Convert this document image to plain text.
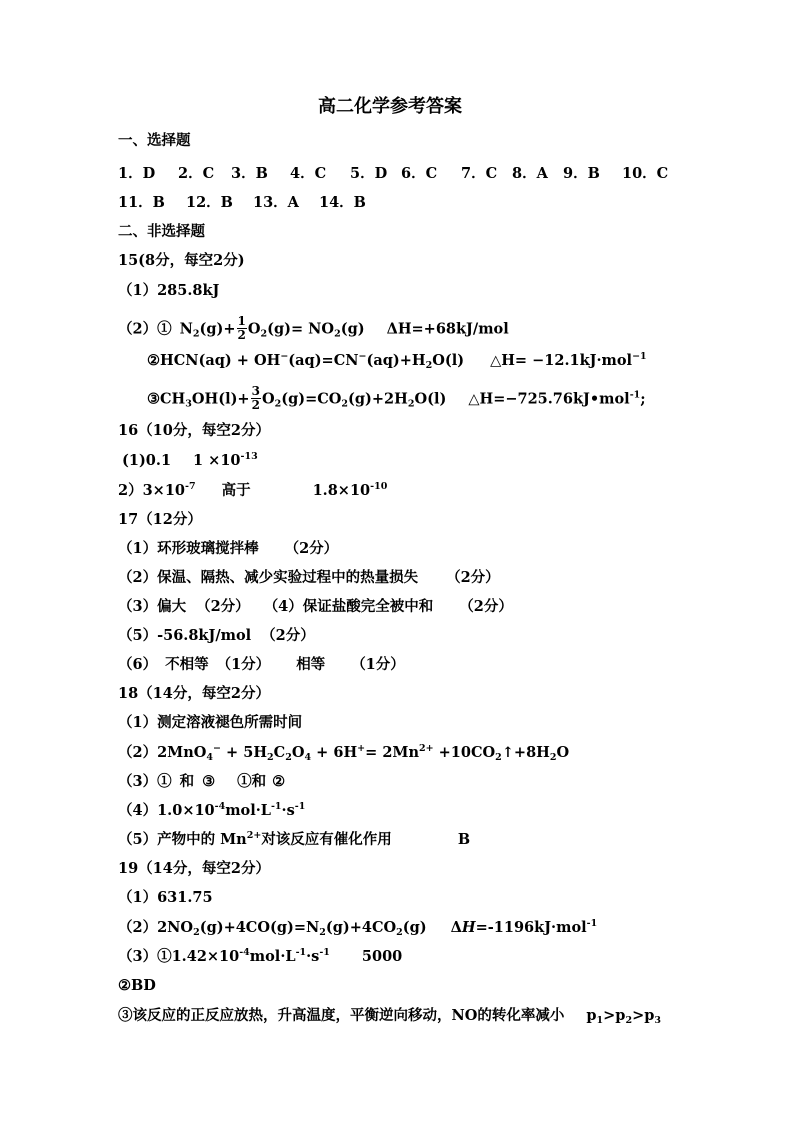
高二化学参考答案
一、选择题
1．D 2．C 3．B 4．C 5．D 6．C 7．C 8．A 9．B 10．C
11．B 12．B 13．A 14．B
二、非选择题
15(8分，每空2分)
（1）285.8kJ
（2）① $N_2(g)+ \frac{1}{2} O_2(g)= NO_2(g)$ ΔH=+68kJ/mol
②HCN(aq) + $OH^-(aq)=CN^-(aq)+H_2O(l)$ △H= −12.1kJ·mol$^{-1}$
$③CH_3OH(l)+ \frac{3}{2} O_2(g)=CO_2(g)+2H_2O(l)$ △H=−725.76kJ•mol$^{-1}$;
16（10分，每空2分）
(1)0.1 $1 \times 10^{-13}$
$2)3\times 10^{-7}$ 高于	$1.8\times 10^{-10}$
17（12分）
（1）环形玻璃搅拌棒 （2分）
（2）保温、隔热、减少实验过程中的热量损失 （2分）
（3）偏大 （2分） （4）保证盐酸完全被中和 （2分）
（5）-56.8kJ/mol （2分）
（6） 不相等 （1分） 相等 （1分）
18（14分，每空2分）
（1）测定溶液褪色所需时间
$(2)2MnO_4^- + 5H_2C_2O_4 + 6H^+= 2Mn^{2+}$ $+10CO_2↑+8H_2O$
（3）① 和 ③ ①和 ②
$(4)1.0\times 10^{-4}mol\cdot L^{-1}\cdot s^{-1}$
（5）产物中的 $Mn^{2+}$对该反应有催化作用	B
19（14分，每空2分）
（1）631.75
$(2)2NO_2(g)+4CO(g)=N_2(g)+4CO_2(g)$ ΔH=-1196kJ·mol$^{-1}$
$(3)①1.42\times 10^{-4}mol\cdot L^{-1}\cdot s^{-1}$ 5000
②BD
③该反应的正反应放热，升高温度，平衡逆向移动，NO的转化率减小 $p_1>p_2>p_3$
